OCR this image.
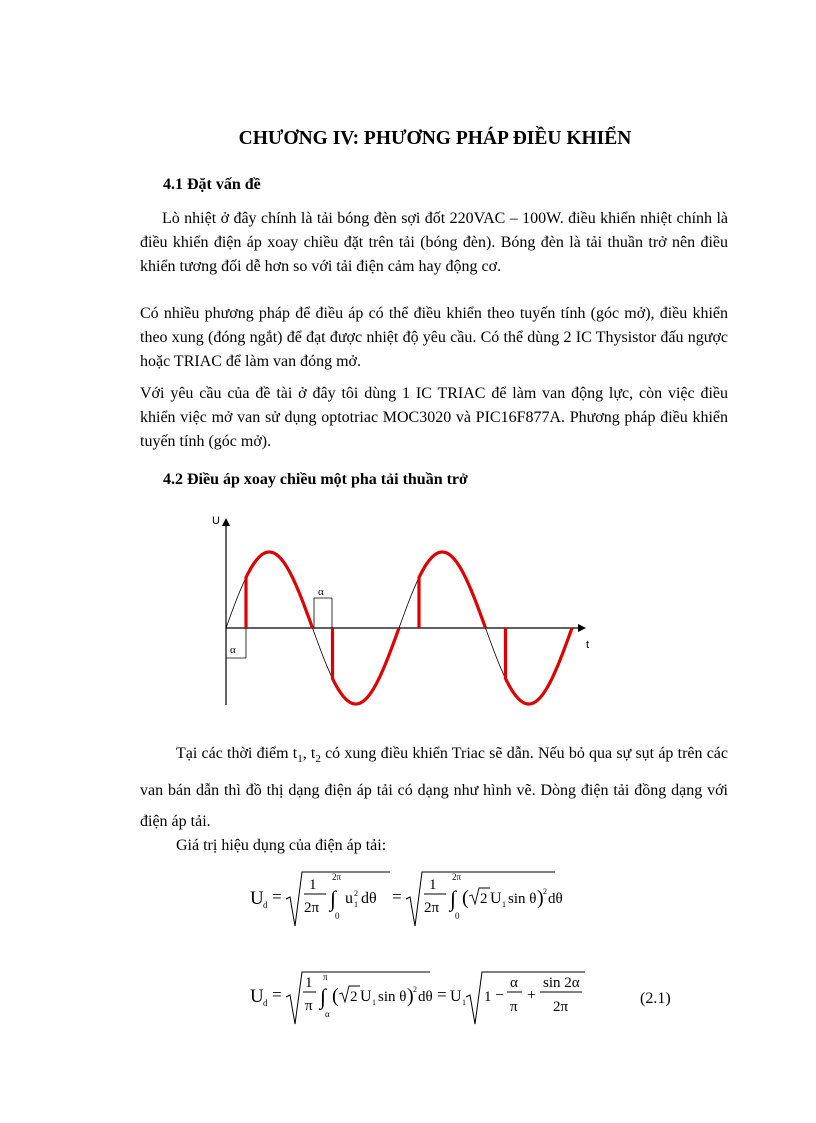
CHƯƠNG IV: PHƯƠNG PHÁP ĐIỀU KHIỂN
4.1 Đặt vấn đề

Lò nhiệt ở đây chính là tải bóng đèn sợi đốt 220VAC – 100W. điều khiển nhiệt chính là điều khiển điện áp xoay chiều đặt trên tải (bóng đèn). Bóng đèn là tải thuần trở nên điều khiển tương đối dễ hơn so với tải điện cảm hay động cơ.

Có nhiều phương pháp để điều áp có thể điều khiển theo tuyến tính (góc mở), điều khiển theo xung (đóng ngắt) để đạt được nhiệt độ yêu cầu. Có thể dùng 2 IC Thysistor đấu ngược hoặc TRIAC để làm van đóng mở.

Với yêu cầu của đề tài ở đây tôi dùng 1 IC TRIAC để làm van động lực, còn việc điều khiển việc mở van sử dụng optotriac MOC3020 và PIC16F877A. Phương pháp điều khiển tuyến tính (góc mở).

4.2 Điều áp xoay chiều một pha tải thuần trở
U
t
α
α

Tại các thời điểm $t_1$, $t_2$ có xung điều khiển Triac sẽ dẫn. Nếu bỏ qua sự sụt áp trên các van bán dẫn thì đồ thị dạng điện áp tải có dạng như hình vẽ. Dòng điện tải đồng dạng với điện áp tải.

Giá trị hiệu dụng của điện áp tải:
U d =
1
2π
2π
∫
0
u 2
1 dθ =
1
2π
2π
∫
0
( 2 U 1 sin θ ) 2 dθ
U d =
1
π
π
∫
α
( 2 U 1 sin θ ) 2 dθ = U 1 1 −
α
π
+
sin 2α
2π	(2.1)
